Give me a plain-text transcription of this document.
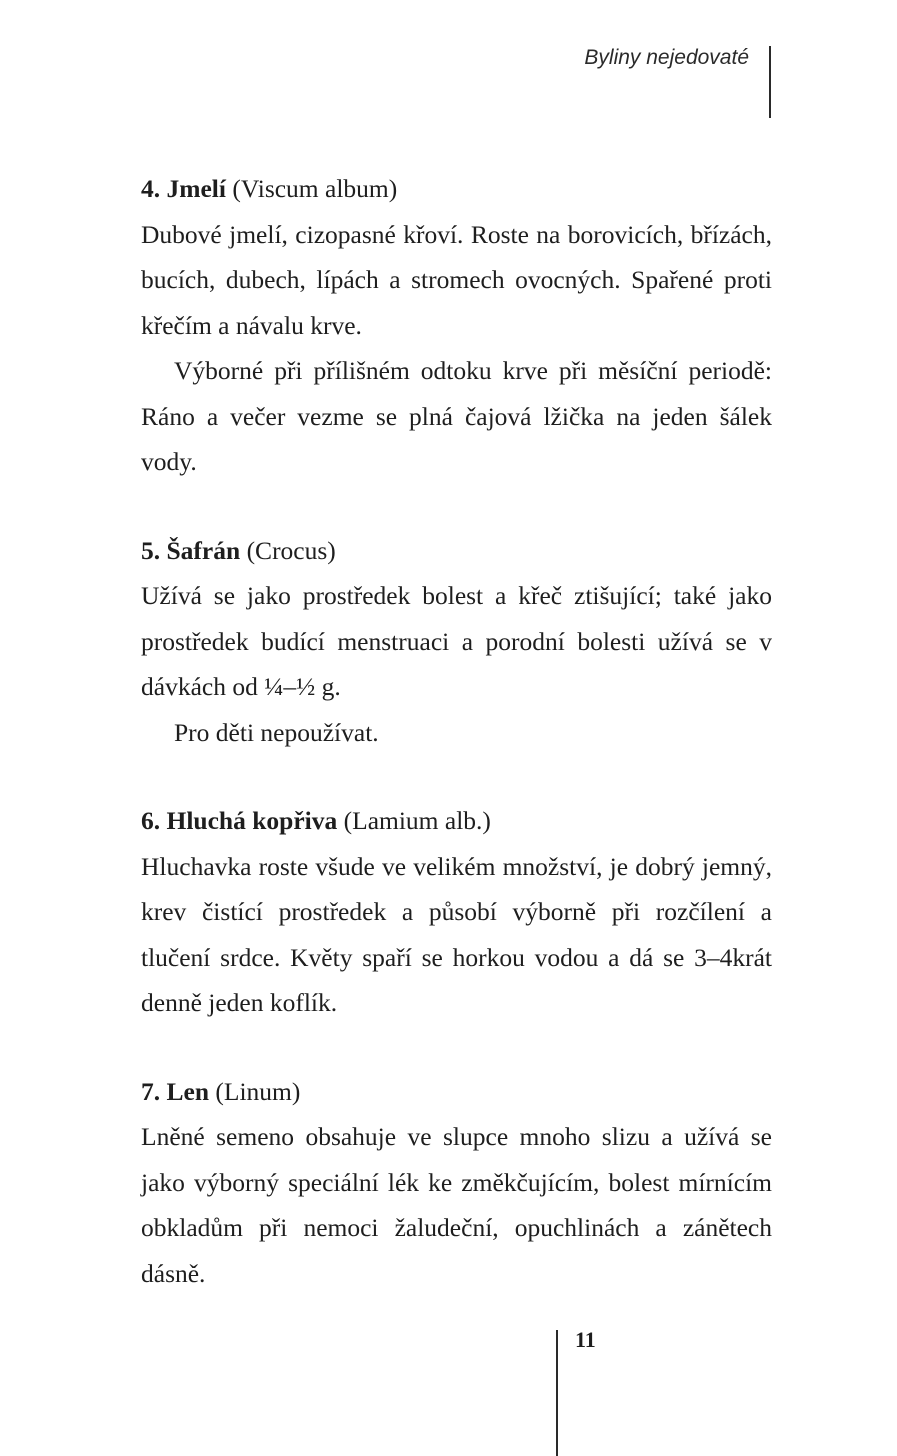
Byliny nejedovaté

4. Jmelí (Viscum album)

Dubové jmelí, cizopasné křoví. Roste na borovicích, břízách, bucích, dubech, lípách a stromech ovocných. Spařené proti křečím a návalu krve.

Výborné při přílišném odtoku krve při měsíční periodě: Ráno a večer vezme se plná čajová lžička na jeden šálek vody.

5. Šafrán (Crocus)

Užívá se jako prostředek bolest a křeč ztišující; také jako prostředek budící menstruaci a porodní bolesti užívá se v dávkách od ¼–½ g.

Pro děti nepoužívat.

6. Hluchá kopřiva (Lamium alb.)

Hluchavka roste všude ve velikém množství, je dobrý jemný, krev čistící prostředek a působí výborně při rozčílení a tlučení srdce. Květy spaří se horkou vodou a dá se 3–4krát denně jeden koflík.

7. Len (Linum)

Lněné semeno obsahuje ve slupce mnoho slizu a užívá se jako výborný speciální lék ke změkčujícím, bolest mírnícím obkladům při nemoci žaludeční, opuchlinách a zánětech dásně.

11
